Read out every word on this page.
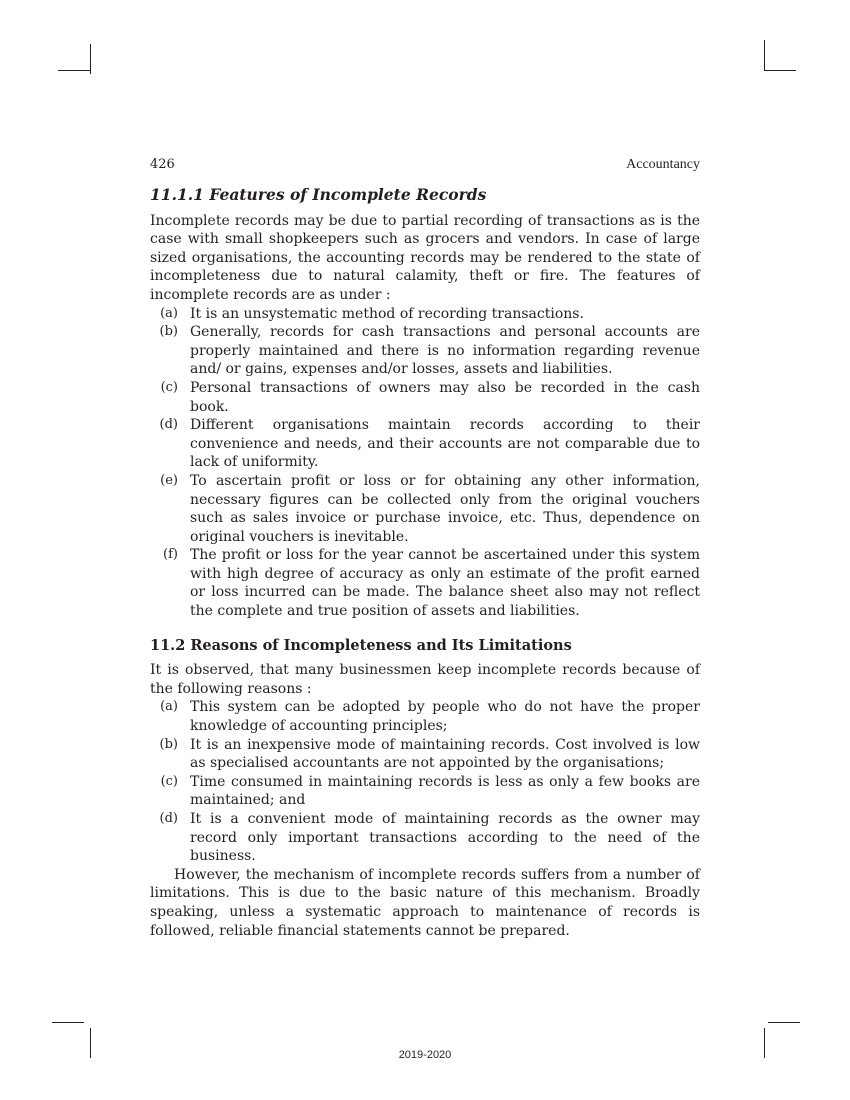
426	Accountancy
11.1.1 Features of Incomplete Records

Incomplete records may be due to partial recording of transactions as is the case with small shopkeepers such as grocers and vendors. In case of large sized organisations, the accounting records may be rendered to the state of incompleteness due to natural calamity, theft or fire. The features of incomplete records are as under :

(a) It is an unsystematic method of recording transactions.
(b) Generally, records for cash transactions and personal accounts are properly maintained and there is no information regarding revenue and/ or gains, expenses and/or losses, assets and liabilities.
(c) Personal transactions of owners may also be recorded in the cash book.
(d) Different organisations maintain records according to their convenience and needs, and their accounts are not comparable due to lack of uniformity.
(e) To ascertain profit or loss or for obtaining any other information, necessary figures can be collected only from the original vouchers such as sales invoice or purchase invoice, etc. Thus, dependence on original vouchers is inevitable.
(f) The profit or loss for the year cannot be ascertained under this system with high degree of accuracy as only an estimate of the profit earned or loss incurred can be made. The balance sheet also may not reflect the complete and true position of assets and liabilities.
11.2 Reasons of Incompleteness and Its Limitations

It is observed, that many businessmen keep incomplete records because of the following reasons :

(a) This system can be adopted by people who do not have the proper knowledge of accounting principles;
(b) It is an inexpensive mode of maintaining records. Cost involved is low as specialised accountants are not appointed by the organisations;
(c) Time consumed in maintaining records is less as only a few books are maintained; and
(d) It is a convenient mode of maintaining records as the owner may record only important transactions according to the need of the business.

However, the mechanism of incomplete records suffers from a number of limitations. This is due to the basic nature of this mechanism. Broadly speaking, unless a systematic approach to maintenance of records is followed, reliable financial statements cannot be prepared.

2019-2020
